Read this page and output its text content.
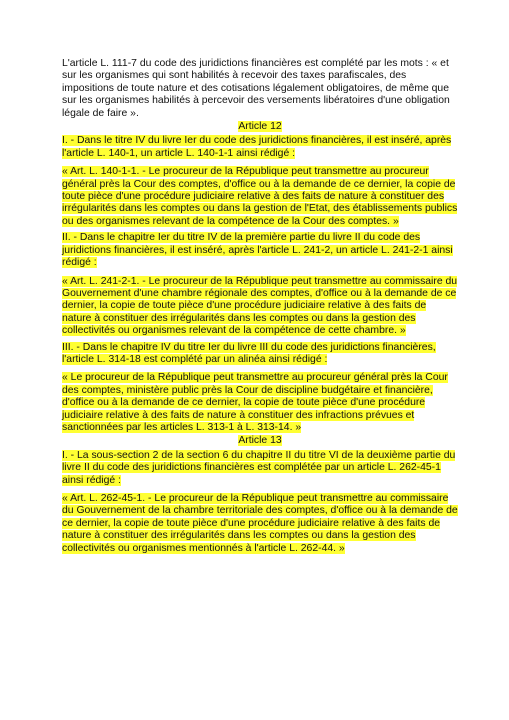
L'article L. 111-7 du code des juridictions financières est complété par les mots : « et sur les organismes qui sont habilités à recevoir des taxes parafiscales, des impositions de toute nature et des cotisations légalement obligatoires, de même que sur les organismes habilités à percevoir des versements libératoires d'une obligation légale de faire ».

Article 12

I. - Dans le titre IV du livre Ier du code des juridictions financières, il est inséré, après l'article L. 140-1, un article L. 140-1-1 ainsi rédigé :

« Art. L. 140-1-1. - Le procureur de la République peut transmettre au procureur général près la Cour des comptes, d'office ou à la demande de ce dernier, la copie de toute pièce d'une procédure judiciaire relative à des faits de nature à constituer des irrégularités dans les comptes ou dans la gestion de l'Etat, des établissements publics ou des organismes relevant de la compétence de la Cour des comptes. »

II. - Dans le chapitre Ier du titre IV de la première partie du livre II du code des juridictions financières, il est inséré, après l'article L. 241-2, un article L. 241-2-1 ainsi rédigé :

« Art. L. 241-2-1. - Le procureur de la République peut transmettre au commissaire du Gouvernement d'une chambre régionale des comptes, d'office ou à la demande de ce dernier, la copie de toute pièce d'une procédure judiciaire relative à des faits de nature à constituer des irrégularités dans les comptes ou dans la gestion des collectivités ou organismes relevant de la compétence de cette chambre. »

III. - Dans le chapitre IV du titre Ier du livre III du code des juridictions financières, l'article L. 314-18 est complété par un alinéa ainsi rédigé :

« Le procureur de la République peut transmettre au procureur général près la Cour des comptes, ministère public près la Cour de discipline budgétaire et financière, d'office ou à la demande de ce dernier, la copie de toute pièce d'une procédure judiciaire relative à des faits de nature à constituer des infractions prévues et sanctionnées par les articles L. 313-1 à L. 313-14. »

Article 13

I. - La sous-section 2 de la section 6 du chapitre II du titre VI de la deuxième partie du livre II du code des juridictions financières est complétée par un article L. 262-45-1 ainsi rédigé :

« Art. L. 262-45-1. - Le procureur de la République peut transmettre au commissaire du Gouvernement de la chambre territoriale des comptes, d'office ou à la demande de ce dernier, la copie de toute pièce d'une procédure judiciaire relative à des faits de nature à constituer des irrégularités dans les comptes ou dans la gestion des collectivités ou organismes mentionnés à l'article L. 262-44. »
